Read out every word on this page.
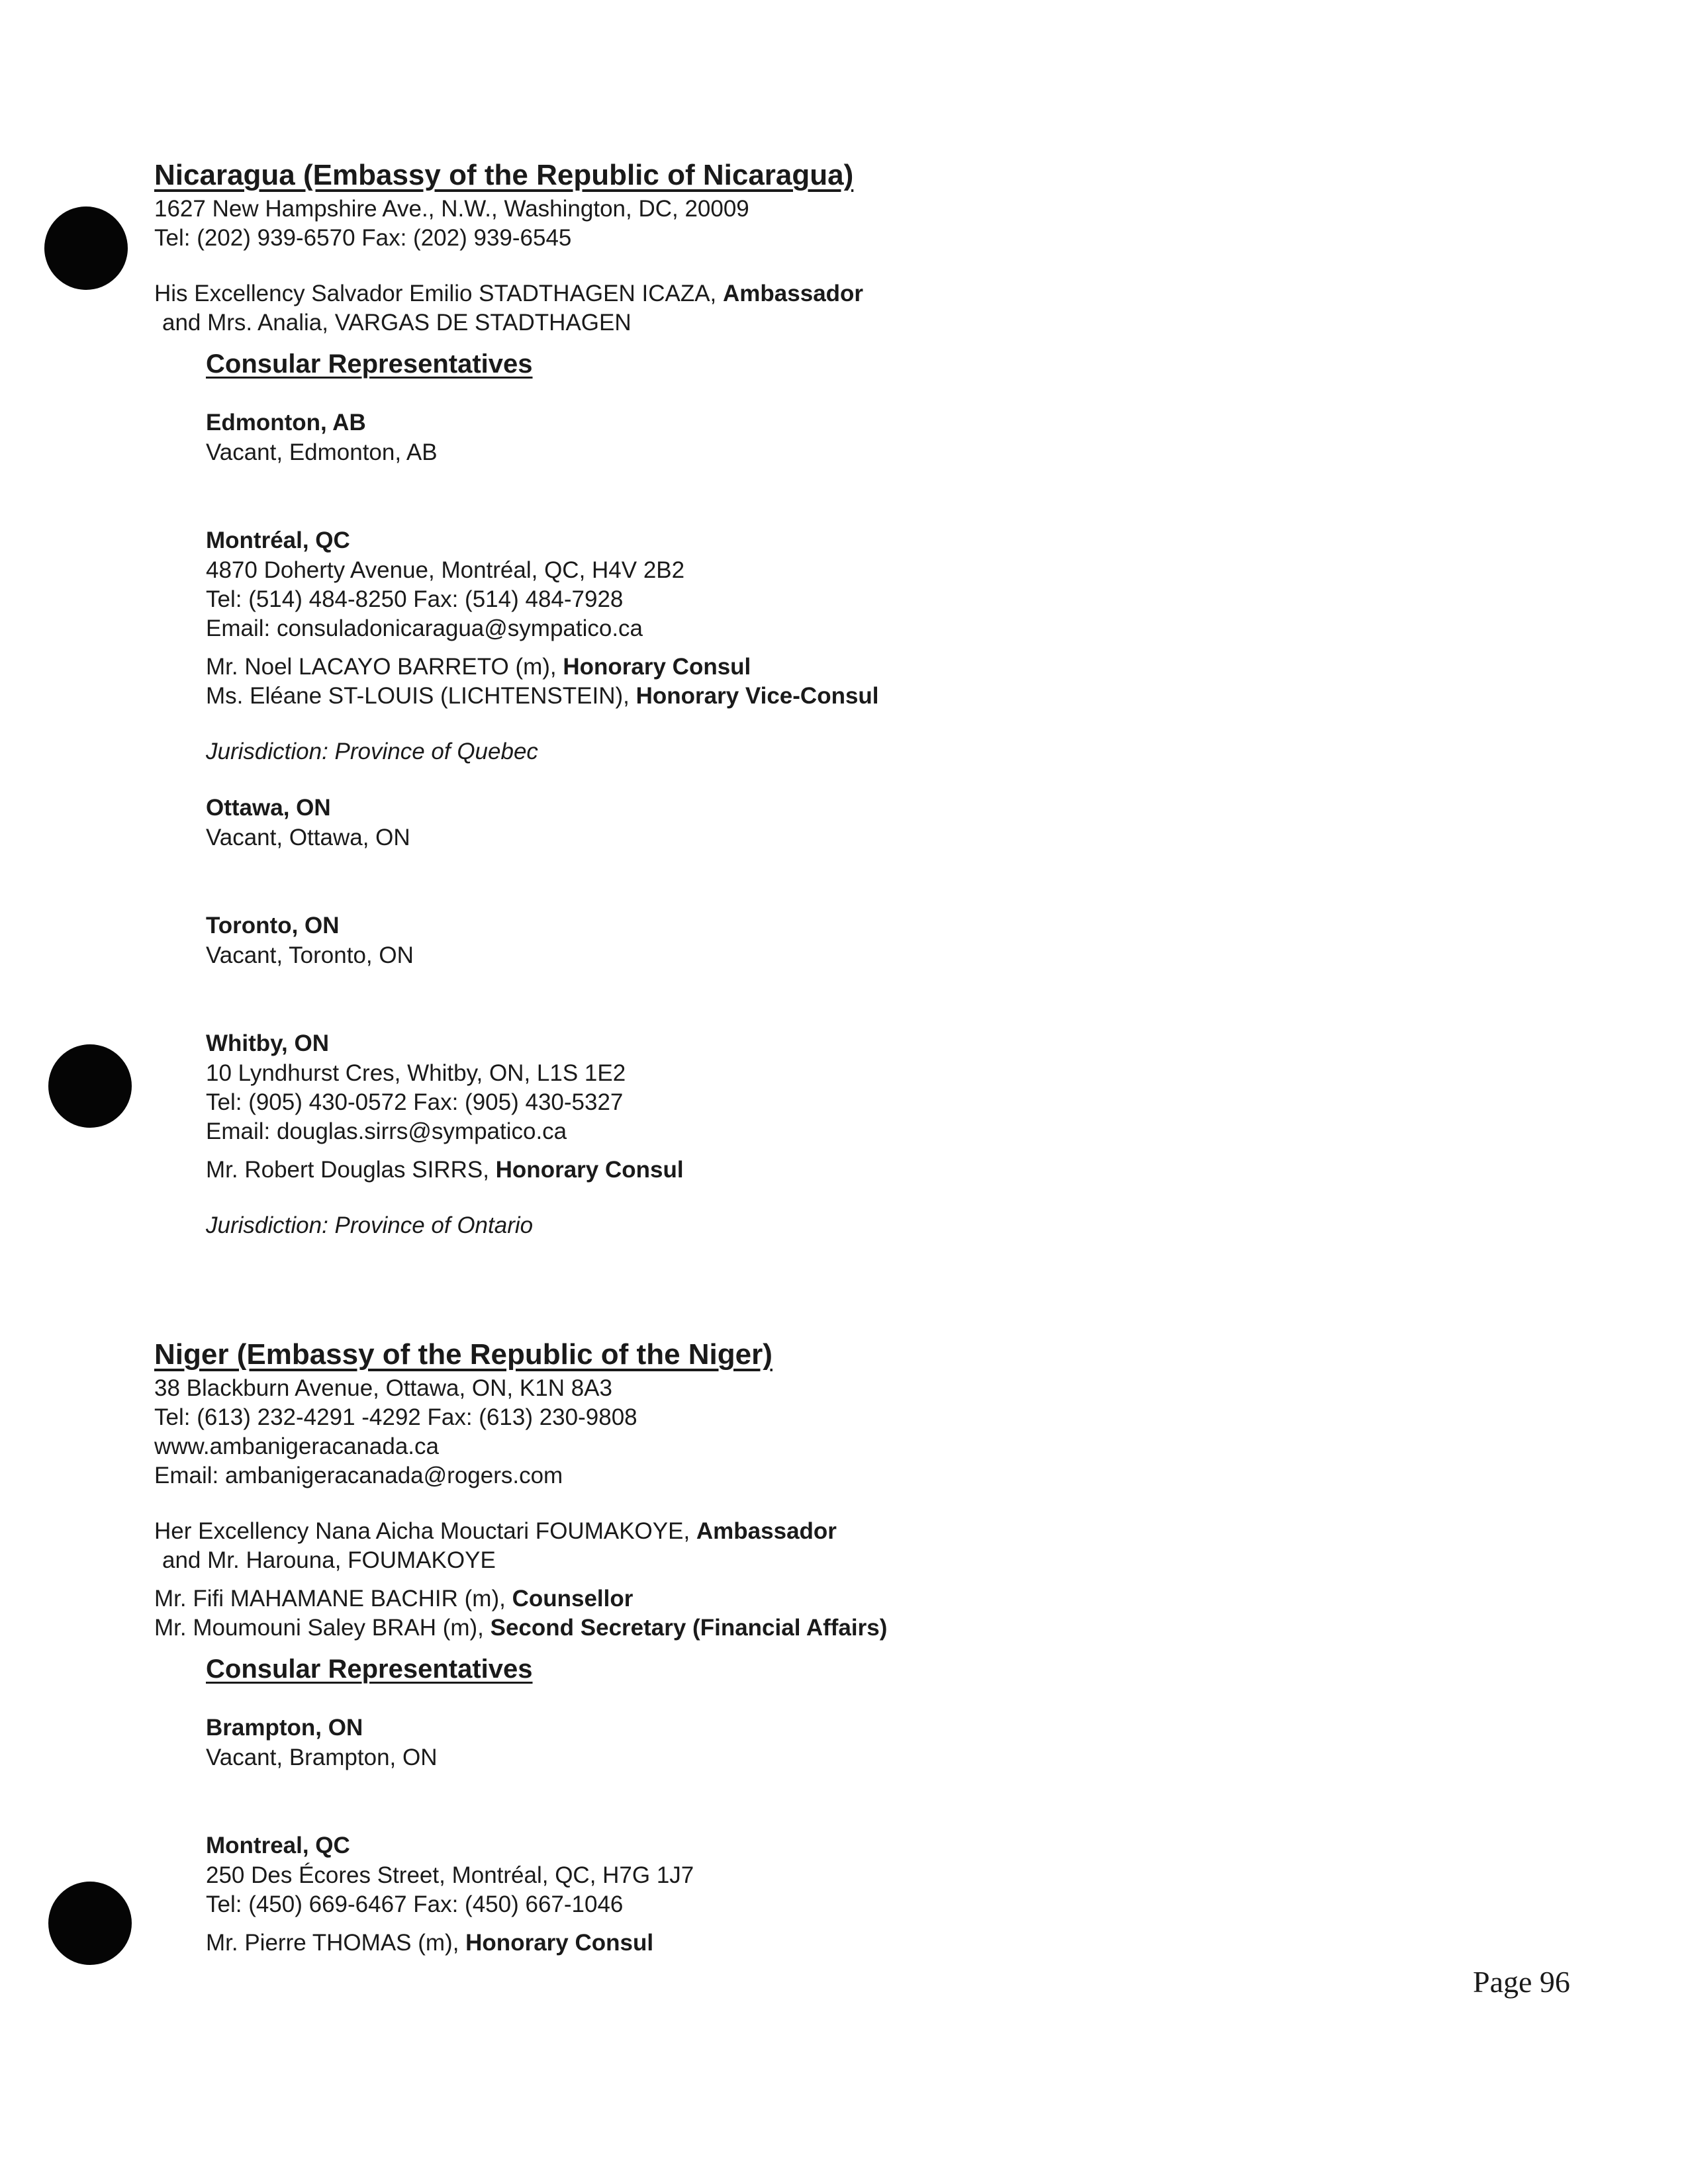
Nicaragua (Embassy of the Republic of Nicaragua)
1627 New Hampshire Ave., N.W., Washington, DC, 20009
Tel: (202) 939-6570 Fax: (202) 939-6545
His Excellency Salvador Emilio STADTHAGEN ICAZA, Ambassador
and Mrs. Analia, VARGAS DE STADTHAGEN
Consular Representatives
Edmonton, AB
Vacant, Edmonton, AB
Montréal, QC
4870 Doherty Avenue, Montréal, QC, H4V 2B2
Tel: (514) 484-8250 Fax: (514) 484-7928
Email: consuladonicaragua@sympatico.ca
Mr. Noel LACAYO BARRETO (m), Honorary Consul
Ms. Eléane ST-LOUIS (LICHTENSTEIN), Honorary Vice-Consul
Jurisdiction: Province of Quebec
Ottawa, ON
Vacant, Ottawa, ON
Toronto, ON
Vacant, Toronto, ON
Whitby, ON
10 Lyndhurst Cres, Whitby, ON, L1S 1E2
Tel: (905) 430-0572 Fax: (905) 430-5327
Email: douglas.sirrs@sympatico.ca
Mr. Robert Douglas SIRRS, Honorary Consul
Jurisdiction: Province of Ontario
Niger (Embassy of the Republic of the Niger)
38 Blackburn Avenue, Ottawa, ON, K1N 8A3
Tel: (613) 232-4291 -4292 Fax: (613) 230-9808
www.ambanigeracanada.ca
Email: ambanigeracanada@rogers.com
Her Excellency Nana Aicha Mouctari FOUMAKOYE, Ambassador
and Mr. Harouna, FOUMAKOYE
Mr. Fifi MAHAMANE BACHIR (m), Counsellor
Mr. Moumouni Saley BRAH (m), Second Secretary (Financial Affairs)
Consular Representatives
Brampton, ON
Vacant, Brampton, ON
Montreal, QC
250 Des Écores Street, Montréal, QC, H7G 1J7
Tel: (450) 669-6467 Fax: (450) 667-1046
Mr. Pierre THOMAS (m), Honorary Consul
Page 96
